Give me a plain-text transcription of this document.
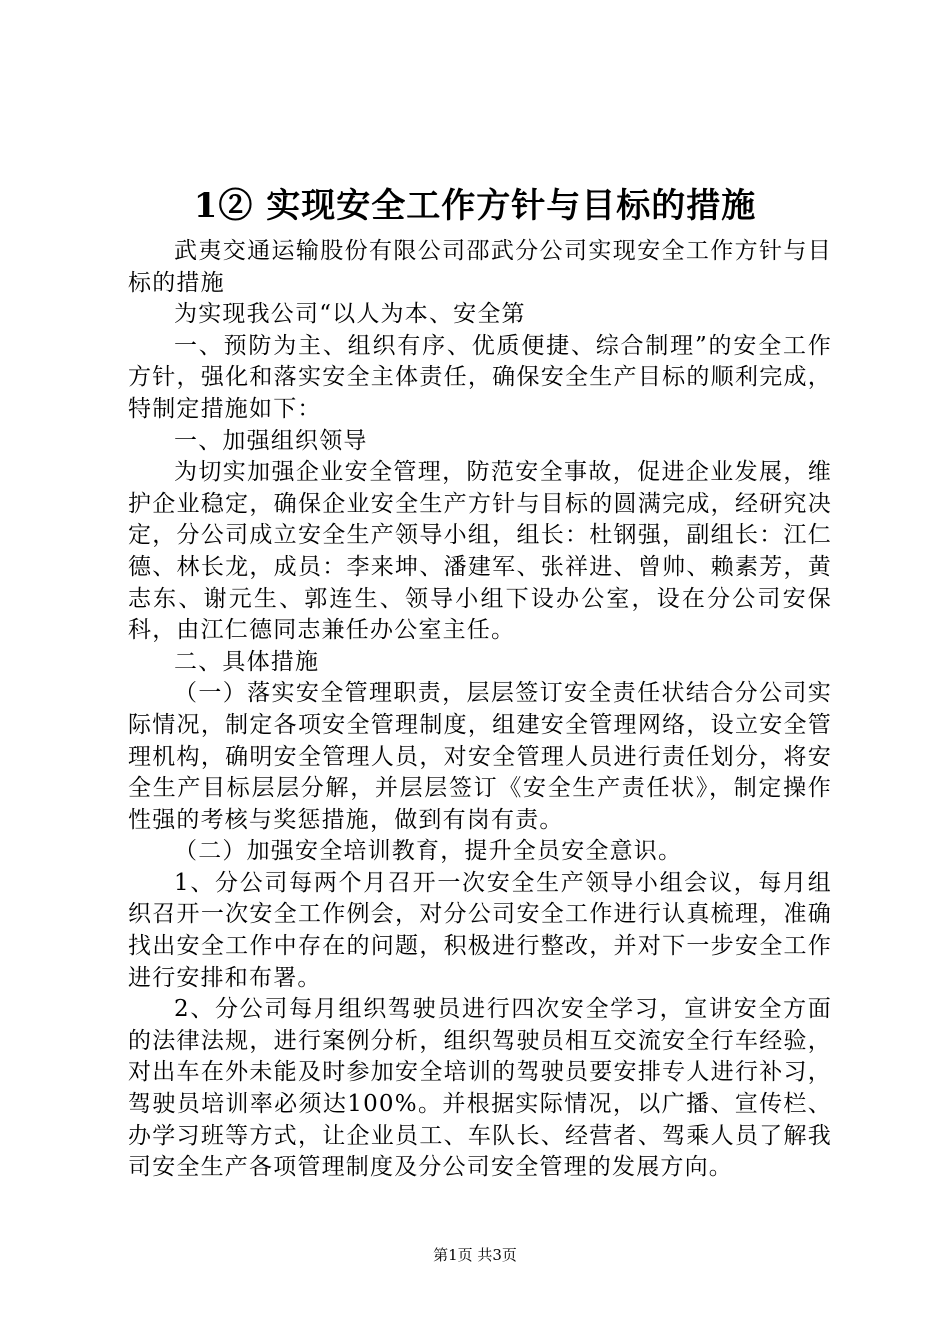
1② 实现安全工作方针与目标的措施

武夷交通运输股份有限公司邵武分公司实现安全工作方针与目标的措施

为实现我公司“以人为本、安全第

一、预防为主、组织有序、优质便捷、综合制理”的安全工作方针，强化和落实安全主体责任，确保安全生产目标的顺利完成，特制定措施如下：

一、加强组织领导

为切实加强企业安全管理，防范安全事故，促进企业发展，维护企业稳定，确保企业安全生产方针与目标的圆满完成，经研究决定，分公司成立安全生产领导小组，组长：杜钢强，副组长：江仁德、林长龙，成员：李来坤、潘建军、张祥进、曾帅、赖素芳，黄志东、谢元生、郭连生、领导小组下设办公室，设在分公司安保科，由江仁德同志兼任办公室主任。

二、具体措施

（一）落实安全管理职责，层层签订安全责任状结合分公司实际情况，制定各项安全管理制度，组建安全管理网络，设立安全管理机构，确明安全管理人员，对安全管理人员进行责任划分，将安全生产目标层层分解，并层层签订《安全生产责任状》，制定操作性强的考核与奖惩措施，做到有岗有责。

（二）加强安全培训教育，提升全员安全意识。

1、分公司每两个月召开一次安全生产领导小组会议，每月组织召开一次安全工作例会，对分公司安全工作进行认真梳理，准确找出安全工作中存在的问题，积极进行整改，并对下一步安全工作进行安排和布署。

2、分公司每月组织驾驶员进行四次安全学习，宣讲安全方面的法律法规，进行案例分析，组织驾驶员相互交流安全行车经验，对出车在外未能及时参加安全培训的驾驶员要安排专人进行补习，驾驶员培训率必须达100%。并根据实际情况，以广播、宣传栏、办学习班等方式，让企业员工、车队长、经营者、驾乘人员了解我司安全生产各项管理制度及分公司安全管理的发展方向。

第1页 共3页
